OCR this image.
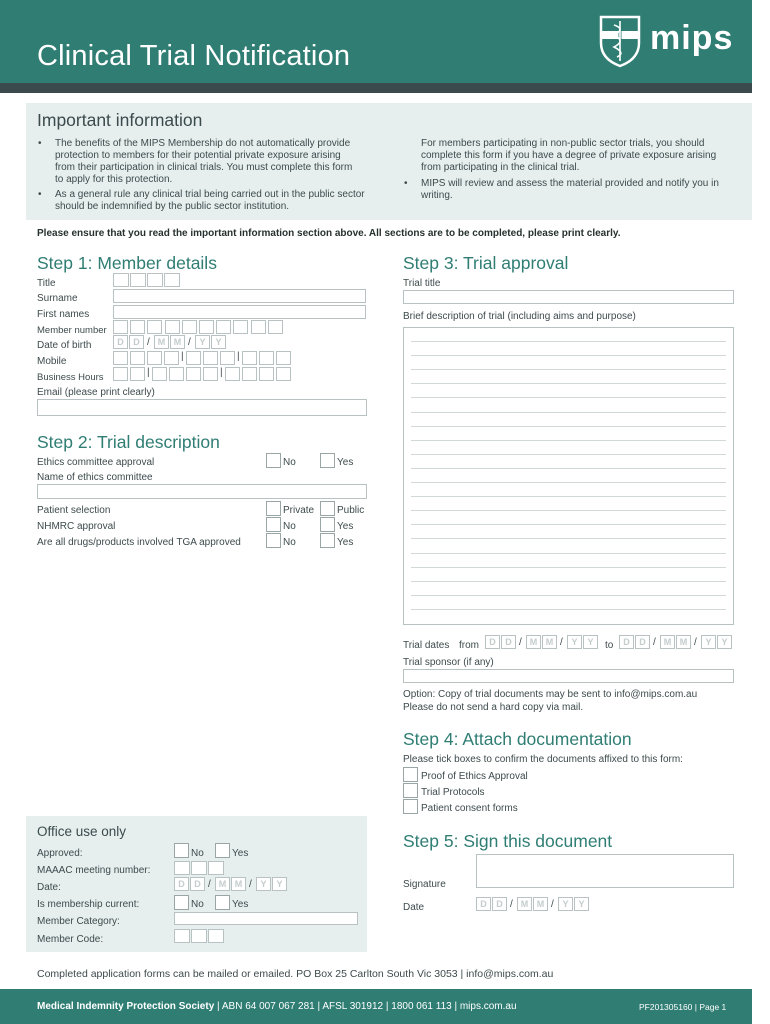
Clinical Trial Notification	mips
Important information
• The benefits of the MIPS Membership do not automatically provide protection to members for their potential private exposure arising from their participation in clinical trials. You must complete this form to apply for this protection.
• As a general rule any clinical trial being carried out in the public sector should be indemnified by the public sector institution.
For members participating in non-public sector trials, you should complete this form if you have a degree of private exposure arising from participating in the clinical trial.
• MIPS will review and assess the material provided and notify you in writing.
Please ensure that you read the important information section above. All sections are to be completed, please print clearly.
Step 1: Member details
Title
Surname
First names
Member number
Date of birth	D	D / M M / Y	Y
Mobile	|	|
Business Hours	|	|
Email (please print clearly)
Step 2: Trial description
Ethics committee approval	No	Yes
Name of ethics committee
Patient selection	Private Public
NHMRC approval	No	Yes
Are all drugs/products involved TGA approved	No	Yes
Step 3: Trial approval
Trial title
Brief description of trial (including aims and purpose)
Trial dates from	D	D / M M / Y	Y	to	D	D / M M / Y	Y
Trial sponsor (if any)
Option: Copy of trial documents may be sent to info@mips.com.au
Please do not send a hard copy via mail.
Step 4: Attach documentation
Please tick boxes to confirm the documents affixed to this form:
Proof of Ethics Approval
Trial Protocols
Patient consent forms
Step 5: Sign this document
Signature
Date	D	D / M M / Y	Y
Office use only
Approved:	No	Yes
MAAAC meeting number:
Date:	D	D / M M / Y	Y
Is membership current:	No	Yes
Member Category:
Member Code:
Completed application forms can be mailed or emailed. PO Box 25 Carlton South Vic 3053 | info@mips.com.au
Medical Indemnity Protection Society | ABN 64 007 067 281 | AFSL 301912 | 1800 061 113 | mips.com.au	PF201305160 | Page 1
